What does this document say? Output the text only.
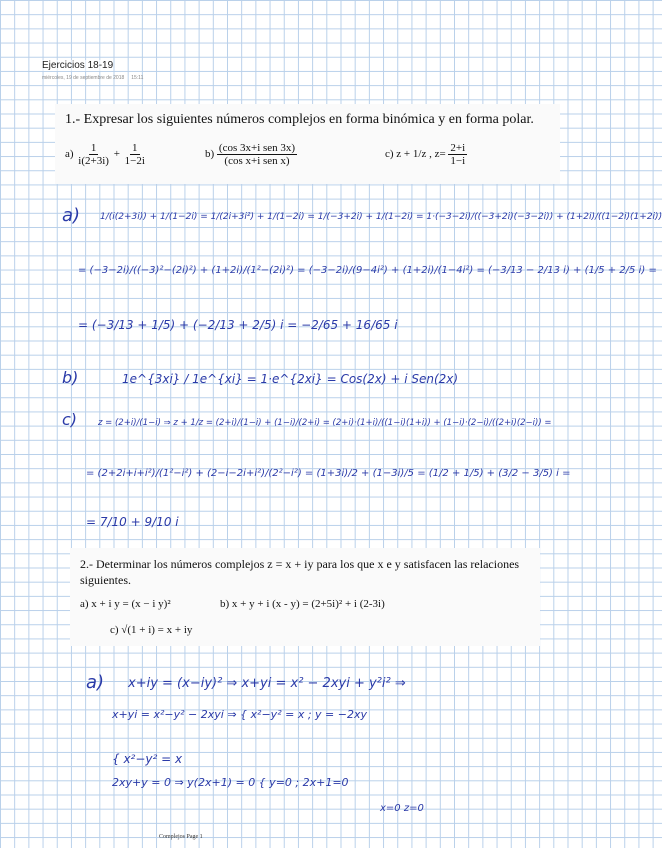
Ejercicios 18-19
miércoles, 19 de septiembre de 2018 15:11
1.- Expresar los siguientes números complejos en forma binómica y en forma polar.
$a) \frac{1}{i(2+3i)} + \frac{1}{1-2i}$	$b) \frac{\text{(cos 3x+i sen 3x)}}{\text{(cos x+i sen x)}}$	c) z + 1/z , $z= \frac{2+i}{1-i}$
a) 1/(i(2+3i)) + 1/(1−2i) = 1/(2i+3i²) + 1/(1−2i) = 1/(−3+2i) + 1/(1−2i) = 1·(−3−2i)/((−3+2i)(−3−2i)) + (1+2i)/((1−2i)(1+2i))
= (−3−2i)/((−3)²−(2i)²) + (1+2i)/(1²−(2i)²) = (−3−2i)/(9−4i²) + (1+2i)/(1−4i²) = (−3/13 − 2/13 i) + (1/5 + 2/5 i) =
= (−3/13 + 1/5) + (−2/13 + 2/5) i = −2/65 + 16/65 i
b)	1e^{3xi} / 1e^{xi} = 1·e^{2xi} = Cos(2x) + i Sen(2x)
c) z = (2+i)/(1−i) ⇒ z + 1/z = (2+i)/(1−i) + (1−i)/(2+i) = (2+i)·(1+i)/((1−i)(1+i)) + (1−i)·(2−i)/((2+i)(2−i)) =
= (2+2i+i+i²)/(1²−i²) + (2−i−2i+i²)/(2²−i²) = (1+3i)/2 + (1−3i)/5 = (1/2 + 1/5) + (3/2 − 3/5) i =
= 7/10 + 9/10 i
2.- Determinar los números complejos z = x + iy para los que x e y satisfacen las relaciones siguientes.
a) x + i y = (x − i y)²	b) x + y + i (x - y) = (2+5i)² + i (2-3i)
c) √(1 + i) = x + iy
a) x+iy = (x−iy)² ⇒ x+yi = x² − 2xyi + y²i² ⇒
x+yi = x²−y² − 2xyi ⇒ { x²−y² = x ; y = −2xy
{ x²−y² = x
2xy+y = 0 ⇒ y(2x+1) = 0 { y=0 ; 2x+1=0
x=0 z=0
Complejos Page 1
